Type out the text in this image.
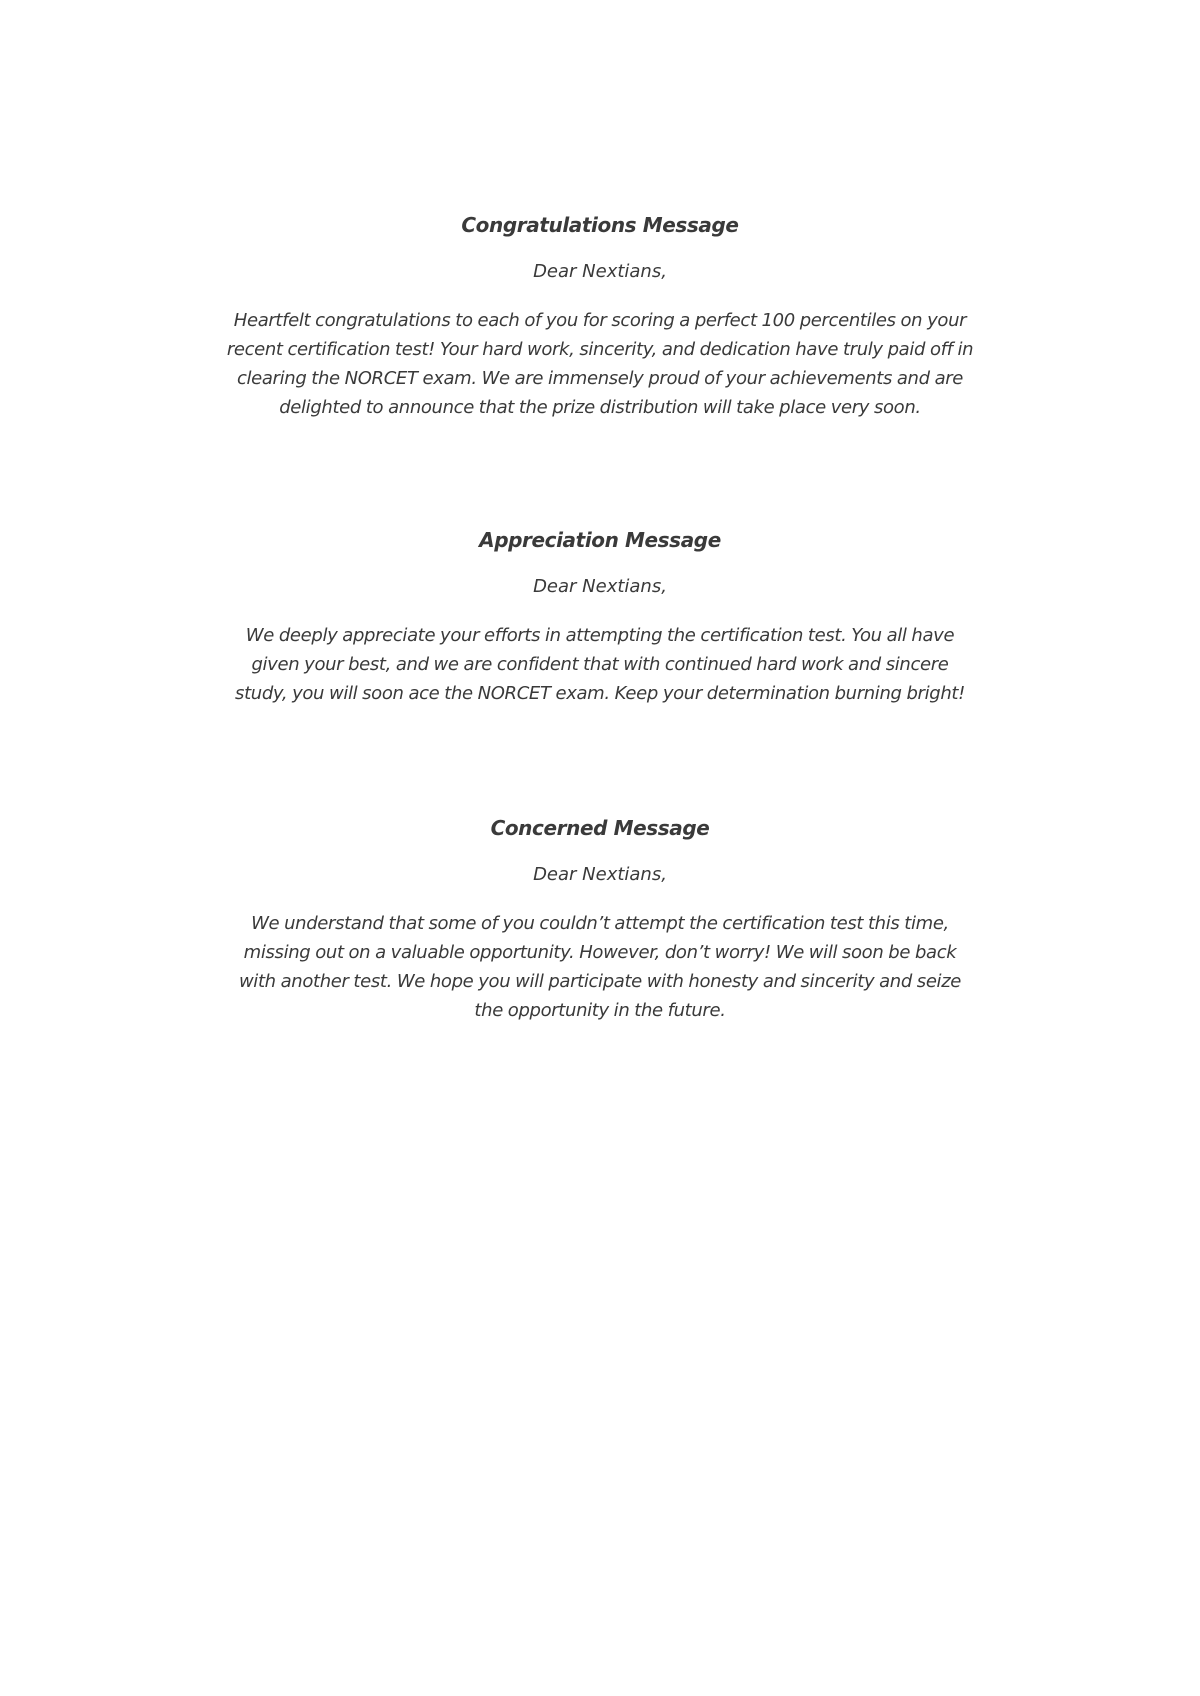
Congratulations Message

Dear Nextians,

Heartfelt congratulations to each of you for scoring a perfect 100 percentiles on your recent certification test! Your hard work, sincerity, and dedication have truly paid off in clearing the NORCET exam. We are immensely proud of your achievements and are delighted to announce that the prize distribution will take place very soon.

Appreciation Message

Dear Nextians,

We deeply appreciate your efforts in attempting the certification test. You all have given your best, and we are confident that with continued hard work and sincere study, you will soon ace the NORCET exam. Keep your determination burning bright!

Concerned Message

Dear Nextians,

We understand that some of you couldn’t attempt the certification test this time, missing out on a valuable opportunity. However, don’t worry! We will soon be back with another test. We hope you will participate with honesty and sincerity and seize the opportunity in the future.
